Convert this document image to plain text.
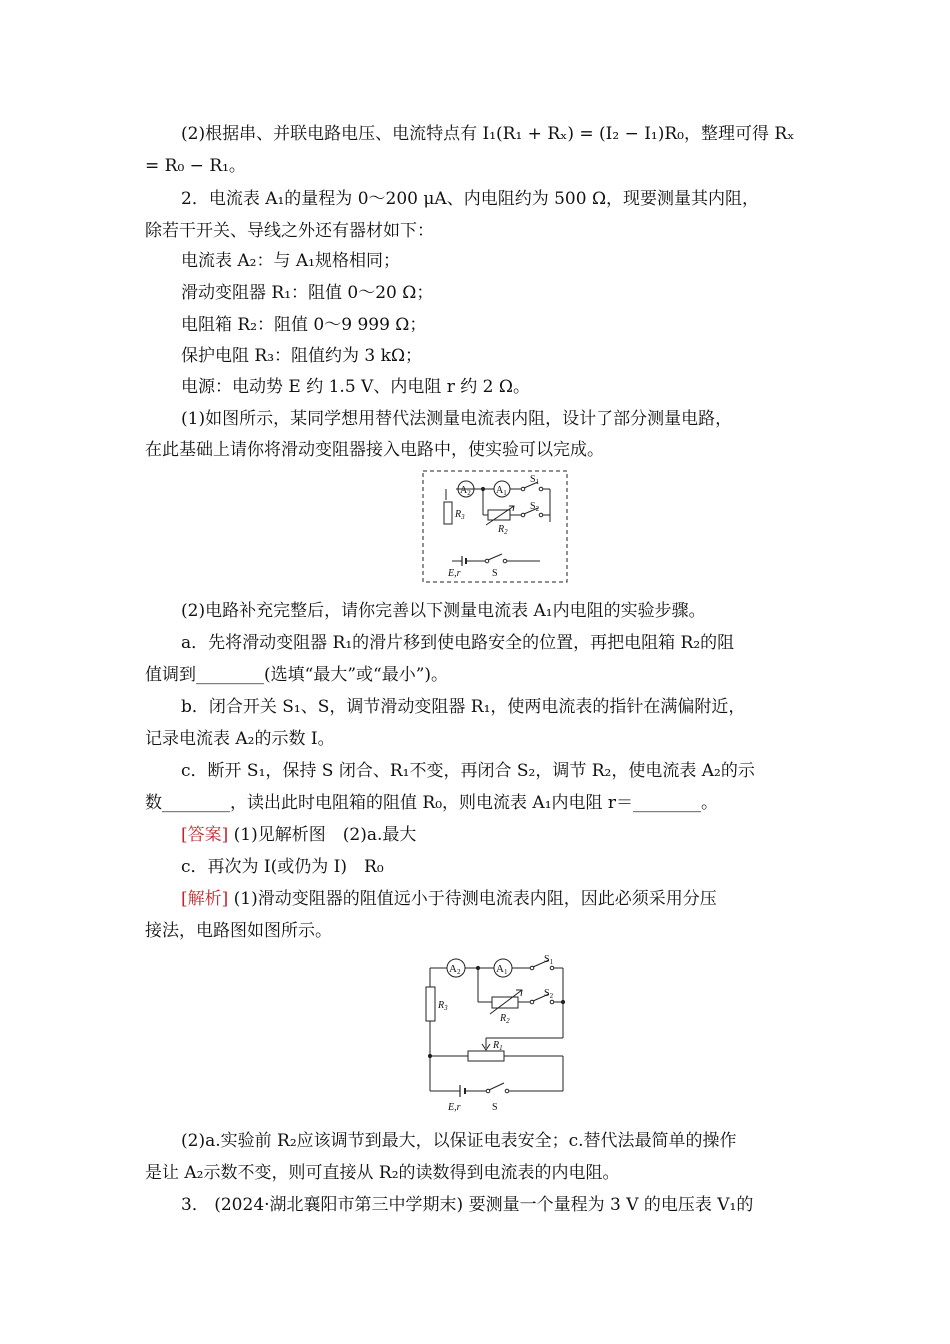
(2)根据串、并联电路电压、电流特点有 I₁(R₁ + Rₓ) = (I₂ − I₁)R₀，整理可得 Rₓ
= R₀ − R₁。
2．电流表 A₁的量程为 0～200 μA、内电阻约为 500 Ω，现要测量其内阻，
除若干开关、导线之外还有器材如下：
电流表 A₂：与 A₁规格相同；
滑动变阻器 R₁：阻值 0～20 Ω；
电阻箱 R₂：阻值 0～9 999 Ω；
保护电阻 R₃：阻值约为 3 kΩ；
电源：电动势 E 约 1.5 V、内电阻 r 约 2 Ω。
(1)如图所示，某同学想用替代法测量电流表内阻，设计了部分测量电路，
在此基础上请你将滑动变阻器接入电路中，使实验可以完成。
$A_2$	$A_1$
$S_1$
$S_2$
$R_3$
$R_2$
E,r	S
(2)电路补充完整后，请你完善以下测量电流表 A₁内电阻的实验步骤。
a．先将滑动变阻器 R₁的滑片移到使电路安全的位置，再把电阻箱 R₂的阻
值调到________(选填“最大”或“最小”)。
b．闭合开关 S₁、S，调节滑动变阻器 R₁，使两电流表的指针在满偏附近，
记录电流表 A₂的示数 I。
c．断开 S₁，保持 S 闭合、R₁不变，再闭合 S₂，调节 R₂，使电流表 A₂的示
数________，读出此时电阻箱的阻值 R₀，则电流表 A₁内电阻 r＝________。
[答案] (1)见解析图　(2)a.最大
c．再次为 I(或仍为 I)　R₀
[解析] (1)滑动变阻器的阻值远小于待测电流表内阻，因此必须采用分压
接法，电路图如图所示。
A2	A1
$S_1$
$S_2$
$R_3$
$R_2$
$R_1$
E,r	S
(2)a.实验前 R₂应该调节到最大，以保证电表安全；c.替代法最简单的操作
是让 A₂示数不变，则可直接从 R₂的读数得到电流表的内电阻。
3． (2024·湖北襄阳市第三中学期末) 要测量一个量程为 3 V 的电压表 V₁的
